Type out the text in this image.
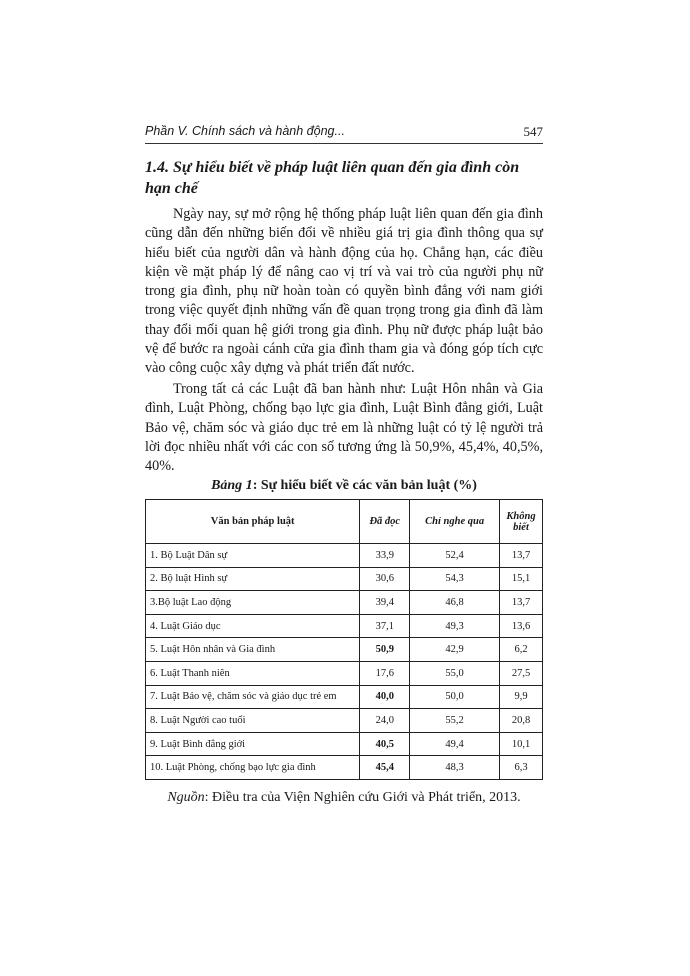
Phần V. Chính sách và hành động...	547
1.4. Sự hiểu biết về pháp luật liên quan đến gia đình còn
hạn chế
Ngày nay, sự mở rộng hệ thống pháp luật liên quan đến gia đình cũng dẫn đến những biến đổi về nhiều giá trị gia đình thông qua sự hiểu biết của người dân và hành động của họ. Chẳng hạn, các điều kiện về mặt pháp lý để nâng cao vị trí và vai trò của người phụ nữ trong gia đình, phụ nữ hoàn toàn có quyền bình đẳng với nam giới trong việc quyết định những vấn đề quan trọng trong gia đình đã làm thay đổi mối quan hệ giới trong gia đình. Phụ nữ được pháp luật bảo vệ để bước ra ngoài cánh cửa gia đình tham gia và đóng góp tích cực vào công cuộc xây dựng và phát triển đất nước.
Trong tất cả các Luật đã ban hành như: Luật Hôn nhân và Gia đình, Luật Phòng, chống bạo lực gia đình, Luật Bình đẳng giới, Luật Bảo vệ, chăm sóc và giáo dục trẻ em là những luật có tỷ lệ người trả lời đọc nhiều nhất với các con số tương ứng là 50,9%, 45,4%, 40,5%, 40%.
Bảng 1: Sự hiểu biết về các văn bản luật (%)
Văn bản pháp luật	Đã đọc	Chỉ nghe qua	Không biết
1. Bộ Luật Dân sự	33,9	52,4	13,7
2. Bộ luật Hình sự	30,6	54,3	15,1
3.Bộ luật Lao động	39,4	46,8	13,7
4. Luật Giáo dục	37,1	49,3	13,6
5. Luật Hôn nhân và Gia đình	50,9	42,9	6,2
6. Luật Thanh niên	17,6	55,0	27,5
7. Luật Bảo vệ, chăm sóc và giáo dục trẻ em	40,0	50,0	9,9
8. Luật Người cao tuổi	24,0	55,2	20,8
9. Luật Bình đẳng giới	40,5	49,4	10,1
10. Luật Phòng, chống bạo lực gia đình	45,4	48,3	6,3
Nguồn: Điều tra của Viện Nghiên cứu Giới và Phát triển, 2013.
